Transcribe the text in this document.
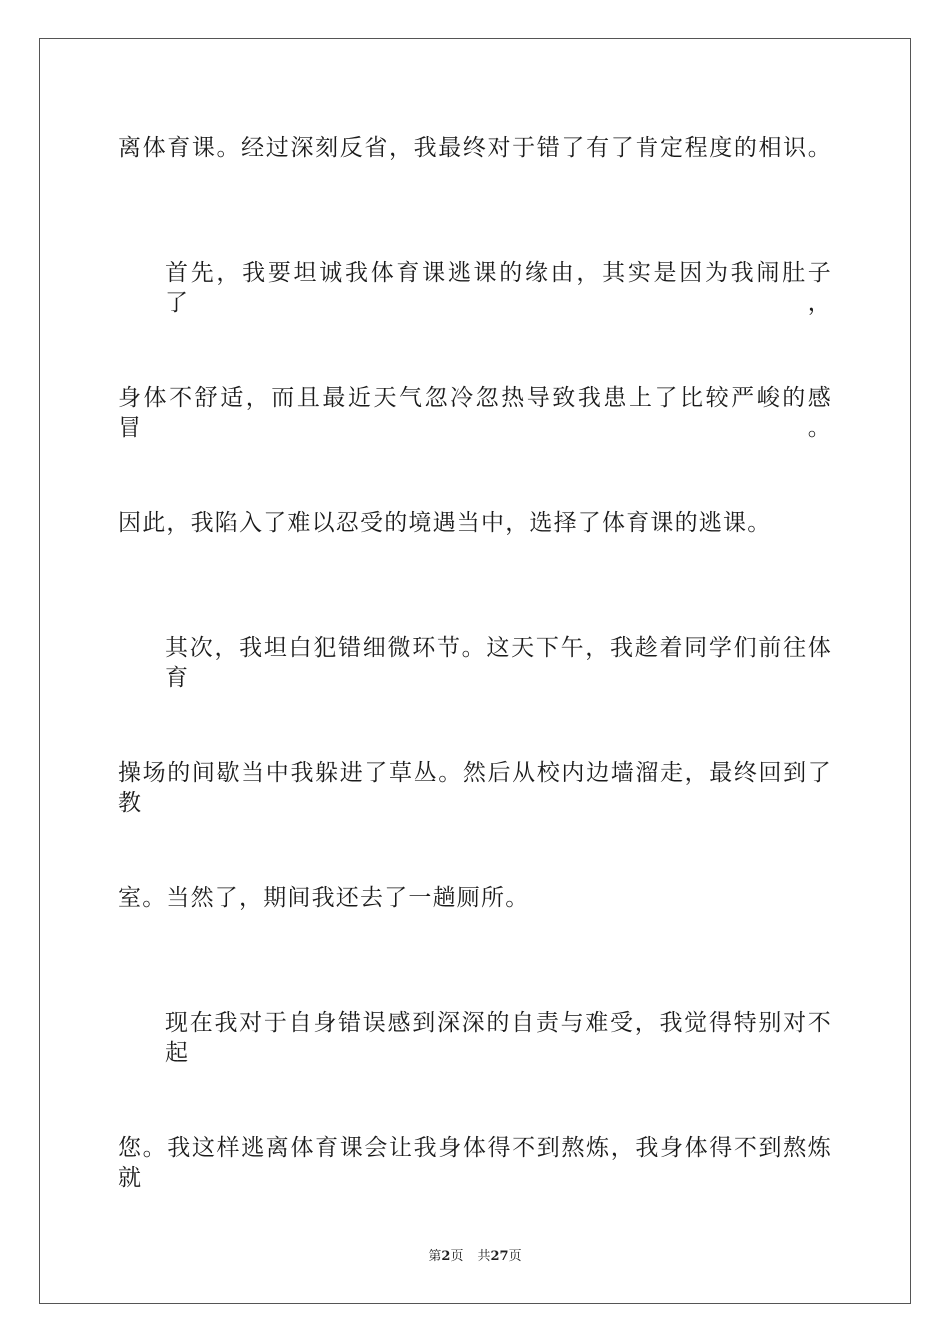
离体育课。经过深刻反省，我最终对于错了有了肯定程度的相识。
首先，我要坦诚我体育课逃课的缘由，其实是因为我闹肚子了，
身体不舒适，而且最近天气忽冷忽热导致我患上了比较严峻的感冒。
因此，我陷入了难以忍受的境遇当中，选择了体育课的逃课。
其次，我坦白犯错细微环节。这天下午，我趁着同学们前往体育
操场的间歇当中我躲进了草丛。然后从校内边墙溜走，最终回到了教
室。当然了，期间我还去了一趟厕所。
现在我对于自身错误感到深深的自责与难受，我觉得特别对不起
您。我这样逃离体育课会让我身体得不到熬炼，我身体得不到熬炼就
第2页 共27页
